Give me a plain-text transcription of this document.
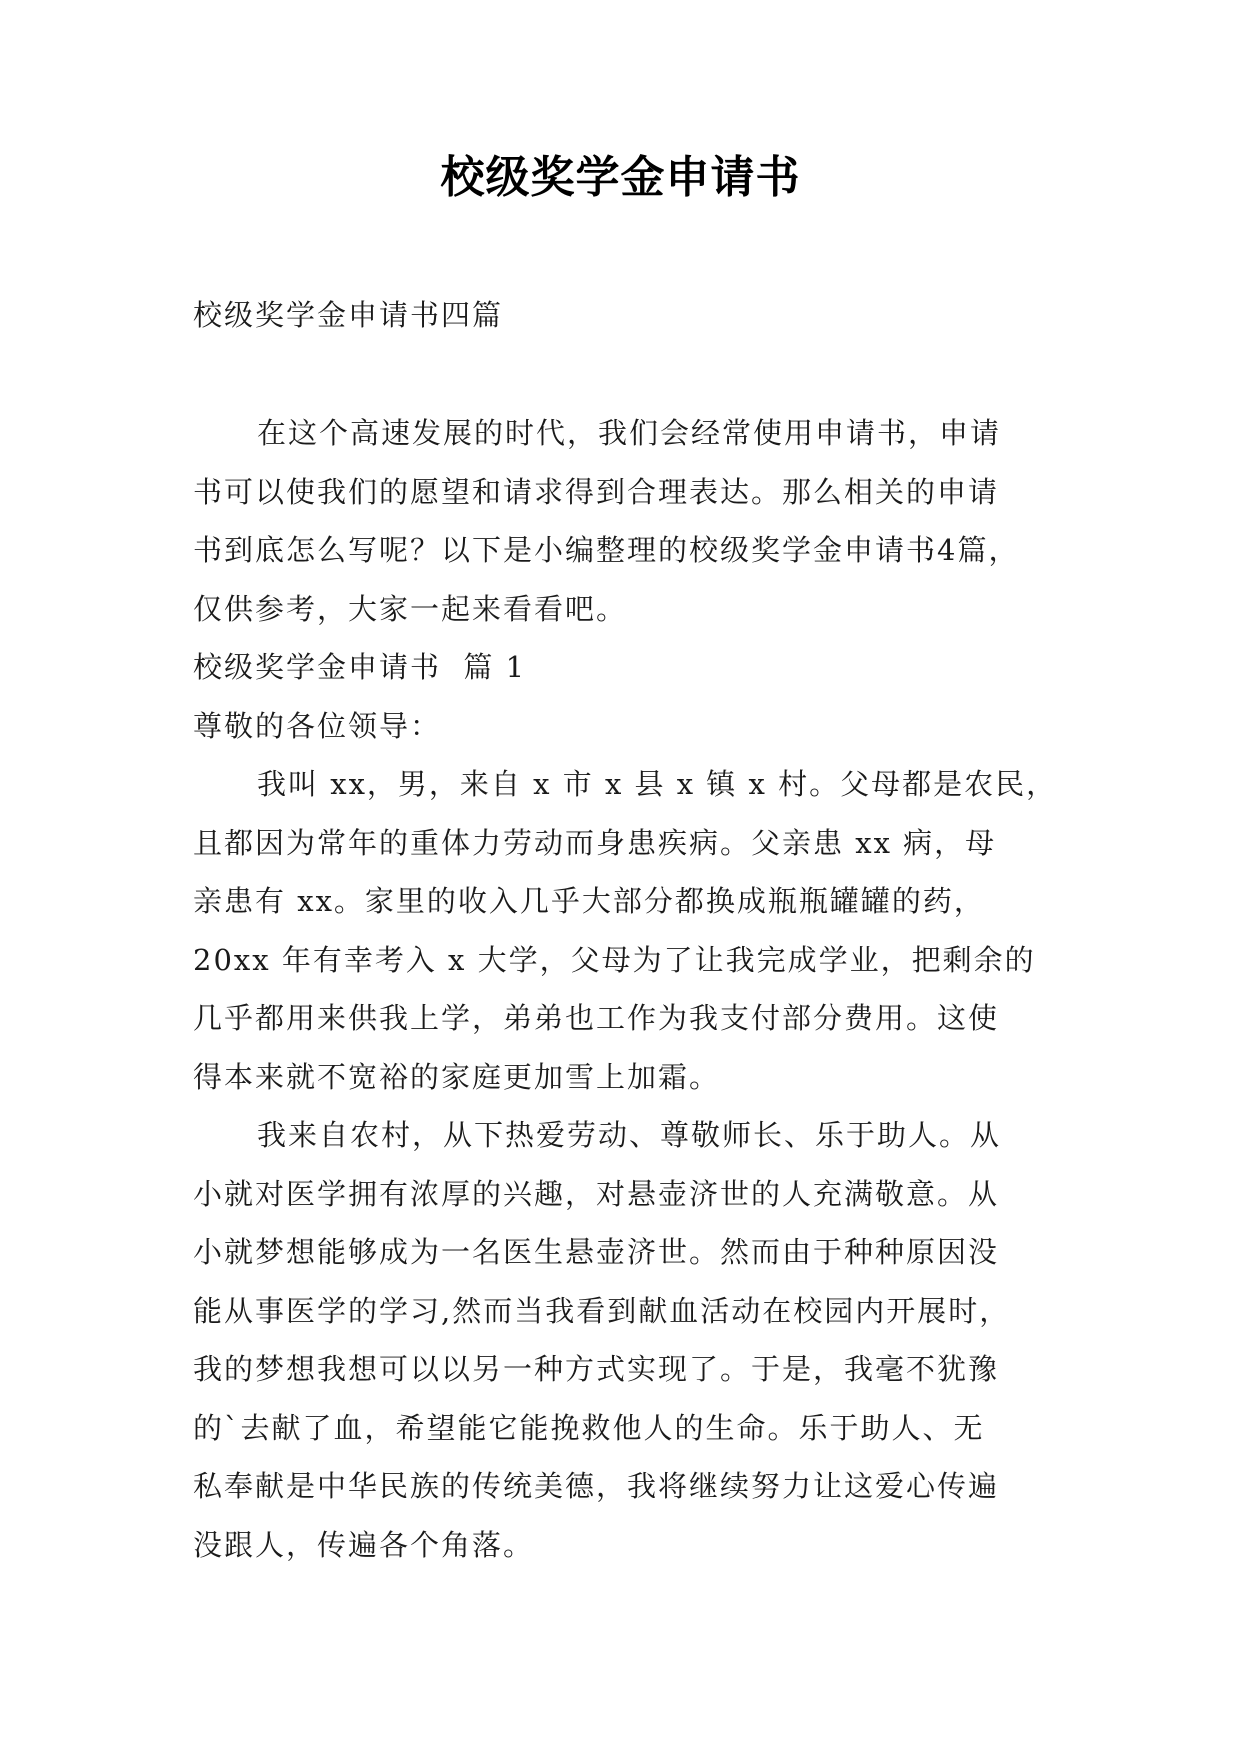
校级奖学金申请书
校级奖学金申请书四篇

在这个高速发展的时代，我们会经常使用申请书，申请
书可以使我们的愿望和请求得到合理表达。那么相关的申请
书到底怎么写呢？以下是小编整理的校级奖学金申请书4篇，
仅供参考，大家一起来看看吧。

校级奖学金申请书  篇 1

尊敬的各位领导：

我叫 xx，男，来自 x 市 x 县 x 镇 x 村。父母都是农民，
且都因为常年的重体力劳动而身患疾病。父亲患 xx 病，母
亲患有 xx。家里的收入几乎大部分都换成瓶瓶罐罐的药，
20xx 年有幸考入 x 大学，父母为了让我完成学业，把剩余的
几乎都用来供我上学，弟弟也工作为我支付部分费用。这使
得本来就不宽裕的家庭更加雪上加霜。

我来自农村，从下热爱劳动、尊敬师长、乐于助人。从
小就对医学拥有浓厚的兴趣，对悬壶济世的人充满敬意。从
小就梦想能够成为一名医生悬壶济世。然而由于种种原因没
能从事医学的学习,然而当我看到献血活动在校园内开展时，
我的梦想我想可以以另一种方式实现了。于是，我毫不犹豫
的`去献了血，希望能它能挽救他人的生命。乐于助人、无
私奉献是中华民族的传统美德，我将继续努力让这爱心传遍
没跟人，传遍各个角落。
